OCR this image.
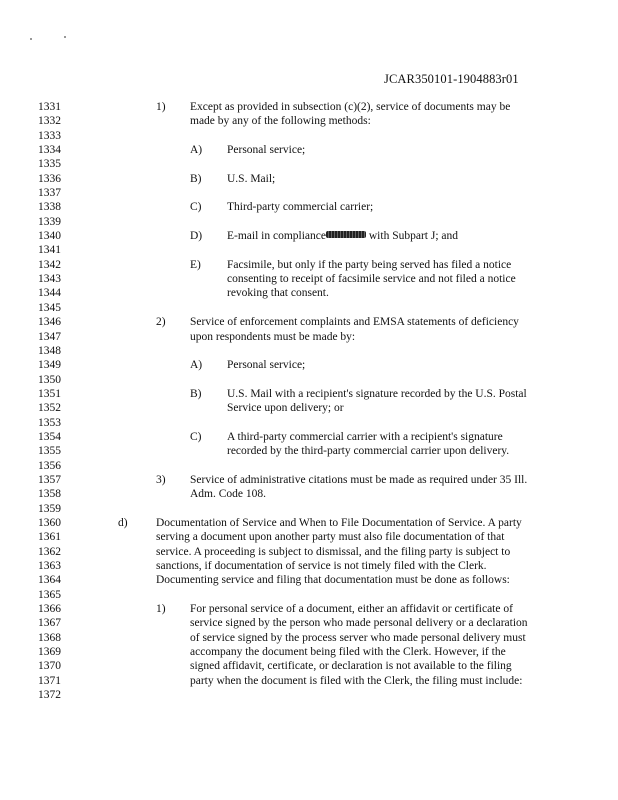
JCAR350101-1904883r01
1331
1332
1333
1334
1335
1336
1337
1338
1339
1340
1341
1342
1343
1344
1345
1346
1347
1348
1349
1350
1351
1352
1353
1354
1355
1356
1357
1358
1359
1360
1361
1362
1363
1364
1365
1366
1367
1368
1369
1370
1371
1372
1) Except as provided in subsection (c)(2), service of documents may be
made by any of the following methods:
A) Personal service;
B) U.S. Mail;
C) Third-party commercial carrier;
D) E-mail in compliance	with Subpart J; and
E) Facsimile, but only if the party being served has filed a notice
consenting to receipt of facsimile service and not filed a notice
revoking that consent.
2) Service of enforcement complaints and EMSA statements of deficiency
upon respondents must be made by:
A) Personal service;
B) U.S. Mail with a recipient's signature recorded by the U.S. Postal
Service upon delivery; or
C) A third-party commercial carrier with a recipient's signature
recorded by the third-party commercial carrier upon delivery.
3) Service of administrative citations must be made as required under 35 Ill.
Adm. Code 108.
d) Documentation of Service and When to File Documentation of Service. A party
serving a document upon another party must also file documentation of that
service. A proceeding is subject to dismissal, and the filing party is subject to
sanctions, if documentation of service is not timely filed with the Clerk.
Documenting service and filing that documentation must be done as follows:
1) For personal service of a document, either an affidavit or certificate of
service signed by the person who made personal delivery or a declaration
of service signed by the process server who made personal delivery must
accompany the document being filed with the Clerk. However, if the
signed affidavit, certificate, or declaration is not available to the filing
party when the document is filed with the Clerk, the filing must include:
